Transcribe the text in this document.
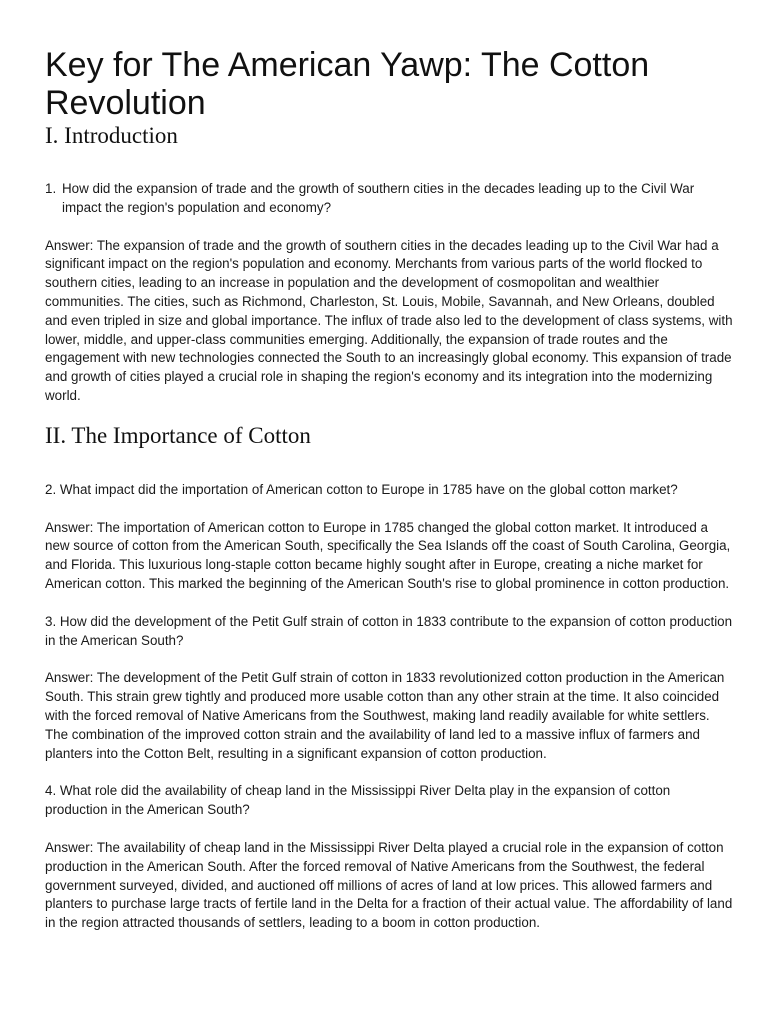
Key for The American Yawp: The Cotton Revolution
I. Introduction
1. How did the expansion of trade and the growth of southern cities in the decades leading up to the Civil War impact the region's population and economy?

Answer: The expansion of trade and the growth of southern cities in the decades leading up to the Civil War had a significant impact on the region's population and economy. Merchants from various parts of the world flocked to southern cities, leading to an increase in population and the development of cosmopolitan and wealthier communities. The cities, such as Richmond, Charleston, St. Louis, Mobile, Savannah, and New Orleans, doubled and even tripled in size and global importance. The influx of trade also led to the development of class systems, with lower, middle, and upper-class communities emerging. Additionally, the expansion of trade routes and the engagement with new technologies connected the South to an increasingly global economy. This expansion of trade and growth of cities played a crucial role in shaping the region's economy and its integration into the modernizing world.

II. The Importance of Cotton

2. What impact did the importation of American cotton to Europe in 1785 have on the global cotton market?

Answer: The importation of American cotton to Europe in 1785 changed the global cotton market. It introduced a new source of cotton from the American South, specifically the Sea Islands off the coast of South Carolina, Georgia, and Florida. This luxurious long-staple cotton became highly sought after in Europe, creating a niche market for American cotton. This marked the beginning of the American South's rise to global prominence in cotton production.

3. How did the development of the Petit Gulf strain of cotton in 1833 contribute to the expansion of cotton production in the American South?

Answer: The development of the Petit Gulf strain of cotton in 1833 revolutionized cotton production in the American South. This strain grew tightly and produced more usable cotton than any other strain at the time. It also coincided with the forced removal of Native Americans from the Southwest, making land readily available for white settlers. The combination of the improved cotton strain and the availability of land led to a massive influx of farmers and planters into the Cotton Belt, resulting in a significant expansion of cotton production.

4. What role did the availability of cheap land in the Mississippi River Delta play in the expansion of cotton production in the American South?

Answer: The availability of cheap land in the Mississippi River Delta played a crucial role in the expansion of cotton production in the American South. After the forced removal of Native Americans from the Southwest, the federal government surveyed, divided, and auctioned off millions of acres of land at low prices. This allowed farmers and planters to purchase large tracts of fertile land in the Delta for a fraction of their actual value. The affordability of land in the region attracted thousands of settlers, leading to a boom in cotton production.
